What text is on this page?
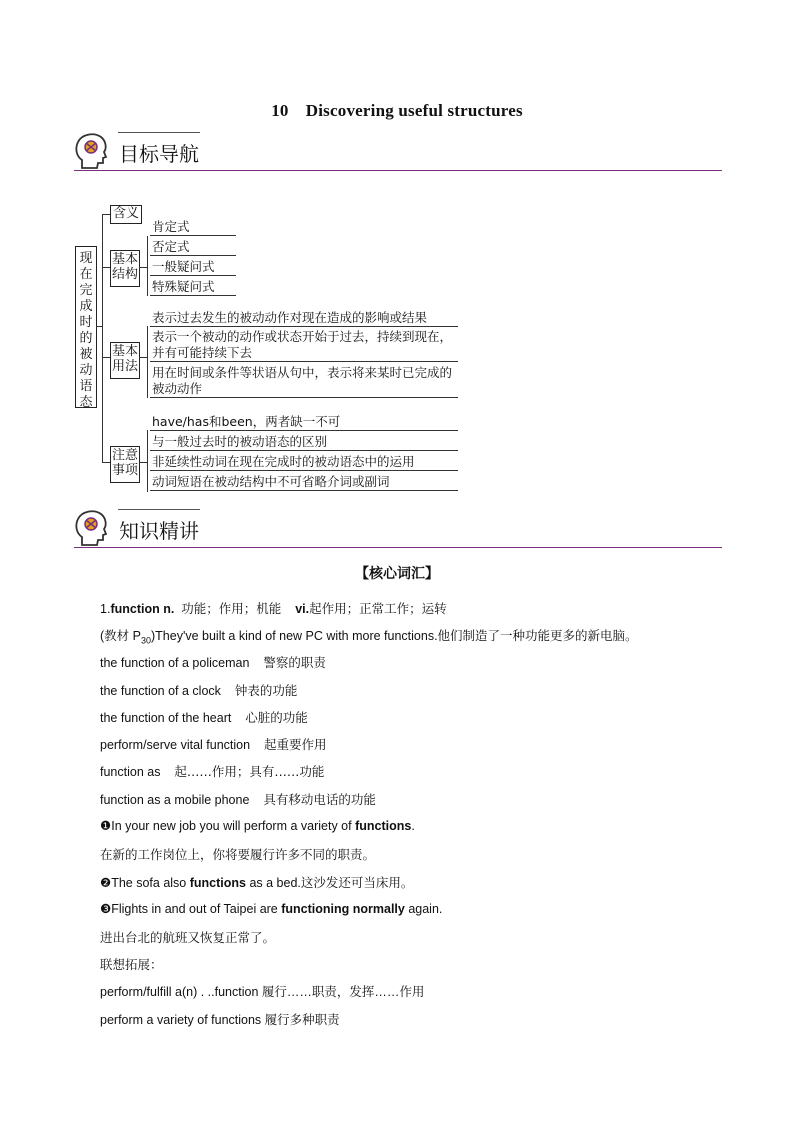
10　Discovering useful structures
目标导航
现在完成时的被动语态
含义
基本结构
基本用法
注意事项
肯定式
否定式
一般疑问式
特殊疑问式
表示过去发生的被动动作对现在造成的影响或结果
表示一个被动的动作或状态开始于过去，持续到现在，并有可能持续下去
用在时间或条件等状语从句中，表示将来某时已完成的被动动作
have/has和been，两者缺一不可
与一般过去时的被动语态的区别
非延续性动词在现在完成时的被动语态中的运用
动词短语在被动结构中不可省略介词或副词
知识精讲
【核心词汇】
1.function n. 功能；作用；机能 vi.起作用；正常工作；运转
(教材 $P_{30})They've$ built a kind of new PC with more functions.他们制造了一种功能更多的新电脑。
the function of a policeman 警察的职责
the function of a clock 钟表的功能
the function of the heart 心脏的功能
perform/serve vital function 起重要作用
function as 起……作用；具有……功能
function as a mobile phone 具有移动电话的功能
❶In your new job you will perform a variety of functions.
在新的工作岗位上，你将要履行许多不同的职责。
❷The sofa also functions as a bed.这沙发还可当床用。
❸Flights in and out of Taipei are functioning normally again.
进出台北的航班又恢复正常了。
联想拓展：
perform/fulfill a(n) . ..function 履行……职责，发挥……作用
perform a variety of functions 履行多种职责
